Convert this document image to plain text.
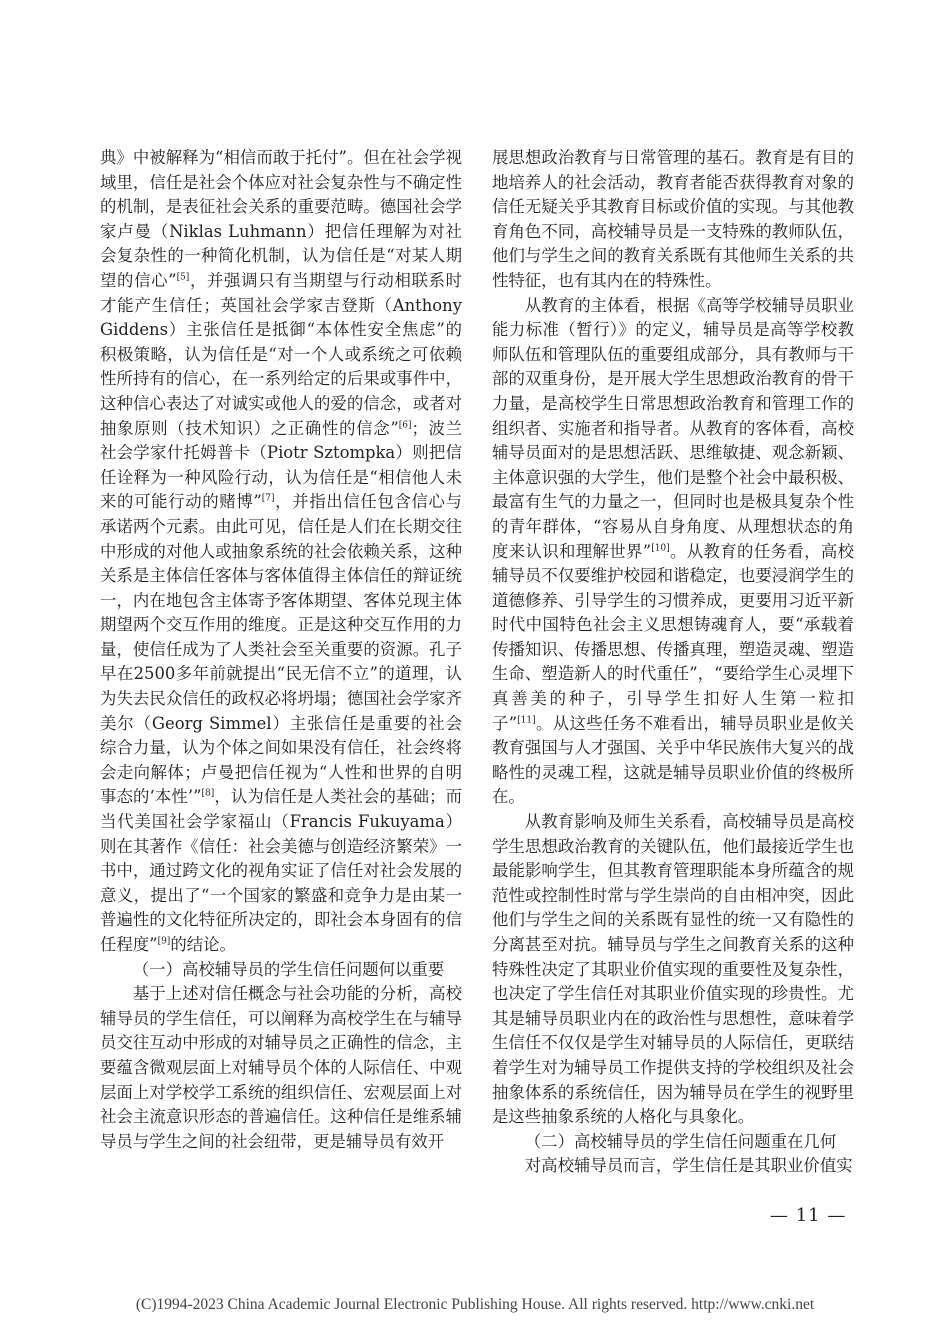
典》中被解释为“相信而敢于托付”。但在社会学视域里，信任是社会个体应对社会复杂性与不确定性的机制，是表征社会关系的重要范畴。德国社会学家卢曼（Niklas Luhmann）把信任理解为对社会复杂性的一种简化机制，认为信任是“对某人期望的信心”[5]，并强调只有当期望与行动相联系时才能产生信任；英国社会学家吉登斯（Anthony Giddens）主张信任是抵御“本体性安全焦虑”的积极策略，认为信任是“对一个人或系统之可依赖性所持有的信心，在一系列给定的后果或事件中，这种信心表达了对诚实或他人的爱的信念，或者对抽象原则（技术知识）之正确性的信念”[6]；波兰社会学家什托姆普卡（Piotr Sztompka）则把信任诠释为一种风险行动，认为信任是“相信他人未来的可能行动的赌博”[7]，并指出信任包含信心与承诺两个元素。由此可见，信任是人们在长期交往中形成的对他人或抽象系统的社会依赖关系，这种关系是主体信任客体与客体值得主体信任的辩证统一，内在地包含主体寄予客体期望、客体兑现主体期望两个交互作用的维度。正是这种交互作用的力量，使信任成为了人类社会至关重要的资源。孔子早在2500多年前就提出“民无信不立”的道理，认为失去民众信任的政权必将坍塌；德国社会学家齐美尔（Georg Simmel）主张信任是重要的社会综合力量，认为个体之间如果没有信任，社会终将会走向解体；卢曼把信任视为“人性和世界的自明事态的‘本性’”[8]，认为信任是人类社会的基础；而当代美国社会学家福山（Francis Fukuyama）则在其著作《信任：社会美德与创造经济繁荣》一书中，通过跨文化的视角实证了信任对社会发展的意义，提出了“一个国家的繁盛和竞争力是由某一普遍性的文化特征所决定的，即社会本身固有的信任程度”[9]的结论。

（一）高校辅导员的学生信任问题何以重要

基于上述对信任概念与社会功能的分析，高校辅导员的学生信任，可以阐释为高校学生在与辅导员交往互动中形成的对辅导员之正确性的信念，主要蕴含微观层面上对辅导员个体的人际信任、中观层面上对学校学工系统的组织信任、宏观层面上对社会主流意识形态的普遍信任。这种信任是维系辅导员与学生之间的社会纽带，更是辅导员有效开

展思想政治教育与日常管理的基石。教育是有目的地培养人的社会活动，教育者能否获得教育对象的信任无疑关乎其教育目标或价值的实现。与其他教育角色不同，高校辅导员是一支特殊的教师队伍，他们与学生之间的教育关系既有其他师生关系的共性特征，也有其内在的特殊性。

从教育的主体看，根据《高等学校辅导员职业能力标准（暂行）》的定义，辅导员是高等学校教师队伍和管理队伍的重要组成部分，具有教师与干部的双重身份，是开展大学生思想政治教育的骨干力量，是高校学生日常思想政治教育和管理工作的组织者、实施者和指导者。从教育的客体看，高校辅导员面对的是思想活跃、思维敏捷、观念新颖、主体意识强的大学生，他们是整个社会中最积极、最富有生气的力量之一，但同时也是极具复杂个性的青年群体，“容易从自身角度、从理想状态的角度来认识和理解世界”[10]。从教育的任务看，高校辅导员不仅要维护校园和谐稳定，也要浸润学生的道德修养、引导学生的习惯养成，更要用习近平新时代中国特色社会主义思想铸魂育人，要“承载着传播知识、传播思想、传播真理，塑造灵魂、塑造生命、塑造新人的时代重任”，“要给学生心灵埋下真善美的种子，引导学生扣好人生第一粒扣子”[11]。从这些任务不难看出，辅导员职业是攸关教育强国与人才强国、关乎中华民族伟大复兴的战略性的灵魂工程，这就是辅导员职业价值的终极所在。

从教育影响及师生关系看，高校辅导员是高校学生思想政治教育的关键队伍，他们最接近学生也最能影响学生，但其教育管理职能本身所蕴含的规范性或控制性时常与学生崇尚的自由相冲突，因此他们与学生之间的关系既有显性的统一又有隐性的分离甚至对抗。辅导员与学生之间教育关系的这种特殊性决定了其职业价值实现的重要性及复杂性，也决定了学生信任对其职业价值实现的珍贵性。尤其是辅导员职业内在的政治性与思想性，意味着学生信任不仅仅是学生对辅导员的人际信任，更联结着学生对为辅导员工作提供支持的学校组织及社会抽象体系的系统信任，因为辅导员在学生的视野里是这些抽象系统的人格化与具象化。

（二）高校辅导员的学生信任问题重在几何

对高校辅导员而言，学生信任是其职业价值实

— 11 —
(C)1994-2023 China Academic Journal Electronic Publishing House. All rights reserved. http://www.cnki.net
